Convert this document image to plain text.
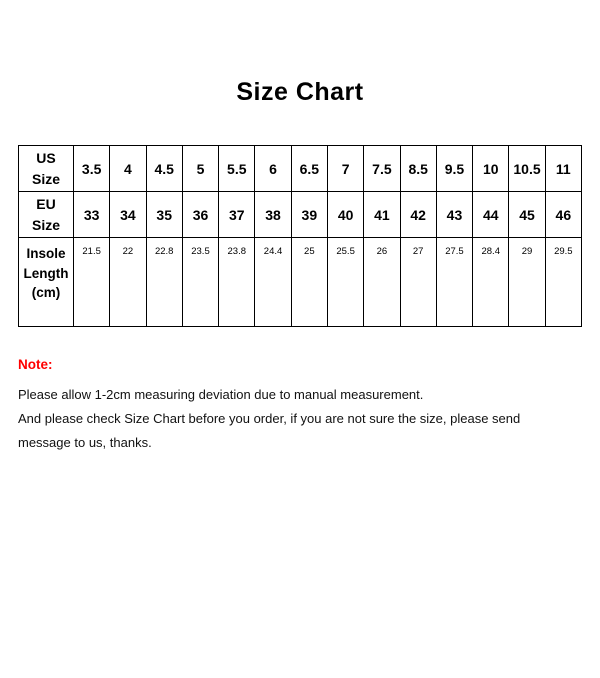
Size Chart
US
Size	3.5	4	4.5	5	5.5	6	6.5	7	7.5	8.5	9.5	10	10.5	11

EU
Size	33	34	35	36	37	38	39	40	41	42	43	44	45	46

Insole
Length
(cm)	21.5	22	22.8	23.5	23.8	24.4	25	25.5	26	27	27.5	28.4	29	29.5
Note:
Please allow 1-2cm measuring deviation due to manual measurement.
And please check Size Chart before you order, if you are not sure the size, please send
message to us, thanks.
